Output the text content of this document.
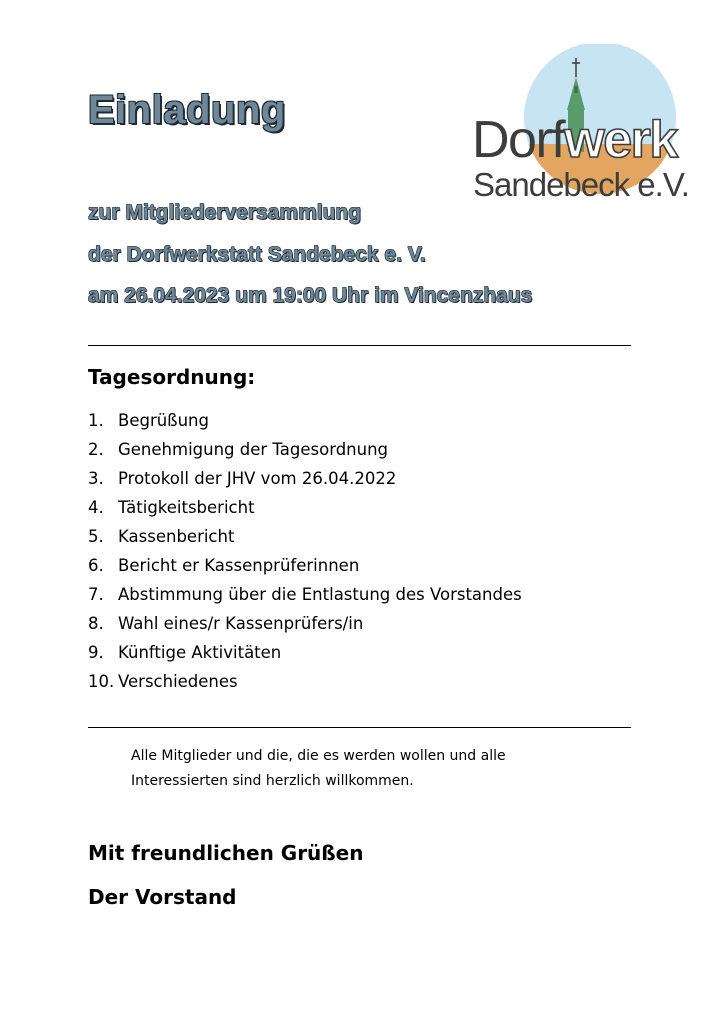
Einladung

Dorfwerk

Sandebeck e.V.

zur Mitgliederversammlung

der Dorfwerkstatt Sandebeck e. V.

am 26.04.2023 um 19:00 Uhr im Vincenzhaus

Tagesordnung:
1. Begrüßung
2. Genehmigung der Tagesordnung
3. Protokoll der JHV vom 26.04.2022
4. Tätigkeitsbericht
5. Kassenbericht
6. Bericht er Kassenprüferinnen
7. Abstimmung über die Entlastung des Vorstandes
8. Wahl eines/r Kassenprüfers/in
9. Künftige Aktivitäten
10. Verschiedenes

Alle Mitglieder und die, die es werden wollen und alle Interessierten sind herzlich willkommen.

Mit freundlichen Grüßen

Der Vorstand
